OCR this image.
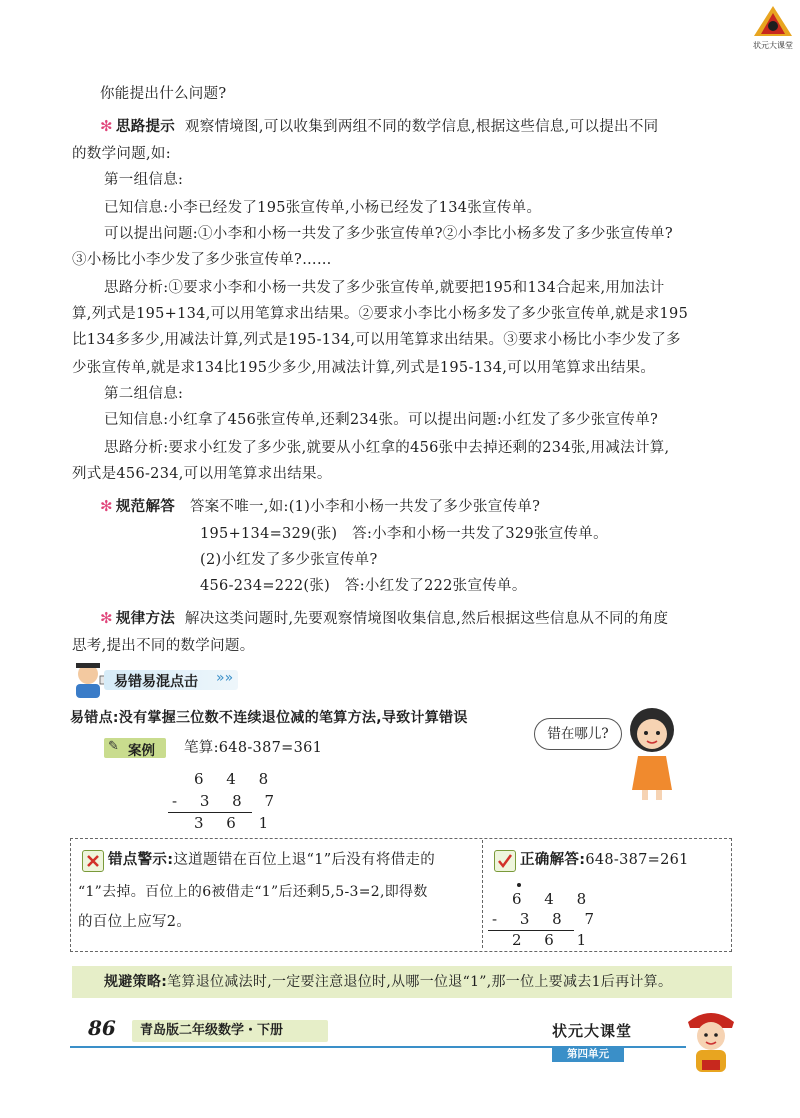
状元大课堂
你能提出什么问题?
✻ 思路提示 观察情境图,可以收集到两组不同的数学信息,根据这些信息,可以提出不同
的数学问题,如:
第一组信息:
已知信息:小李已经发了195张宣传单,小杨已经发了134张宣传单。
可以提出问题:①小李和小杨一共发了多少张宣传单?②小李比小杨多发了多少张宣传单?
③小杨比小李少发了多少张宣传单?……
思路分析:①要求小李和小杨一共发了多少张宣传单,就要把195和134合起来,用加法计
算,列式是195+134,可以用笔算求出结果。②要求小李比小杨多发了多少张宣传单,就是求195
比134多多少,用减法计算,列式是195-134,可以用笔算求出结果。③要求小杨比小李少发了多
少张宣传单,就是求134比195少多少,用减法计算,列式是195-134,可以用笔算求出结果。
第二组信息:
已知信息:小红拿了456张宣传单,还剩234张。可以提出问题:小红发了多少张宣传单?
思路分析:要求小红发了多少张,就要从小红拿的456张中去掉还剩的234张,用减法计算,
列式是456-234,可以用笔算求出结果。
✻ 规范解答 答案不唯一,如:(1)小李和小杨一共发了多少张宣传单?
195+134=329(张)　答:小李和小杨一共发了329张宣传单。
(2)小红发了多少张宣传单?
456-234=222(张)　答:小红发了222张宣传单。
✻ 规律方法 解决这类问题时,先要观察情境图收集信息,然后根据这些信息从不同的角度
思考,提出不同的数学问题。
易错易混点击 »»
易错点:没有掌握三位数不连续退位减的笔算方法,导致计算错误
✎ 案例 笔算:648-387=361
6 4 8
- 3 8 7
3 6 1
错在哪儿?
错点警示:这道题错在百位上退“1”后没有将借走的
“1”去掉。百位上的6被借走“1”后还剩5,5-3=2,即得数
的百位上应写2。
正确解答:648-387=261
6 4 8
- 3 8 7
2 6 1
规避策略:笔算退位减法时,一定要注意退位时,从哪一位退“1”,那一位上要减去1后再计算。
86	青岛版二年级数学・下册	状元大课堂
第四单元
